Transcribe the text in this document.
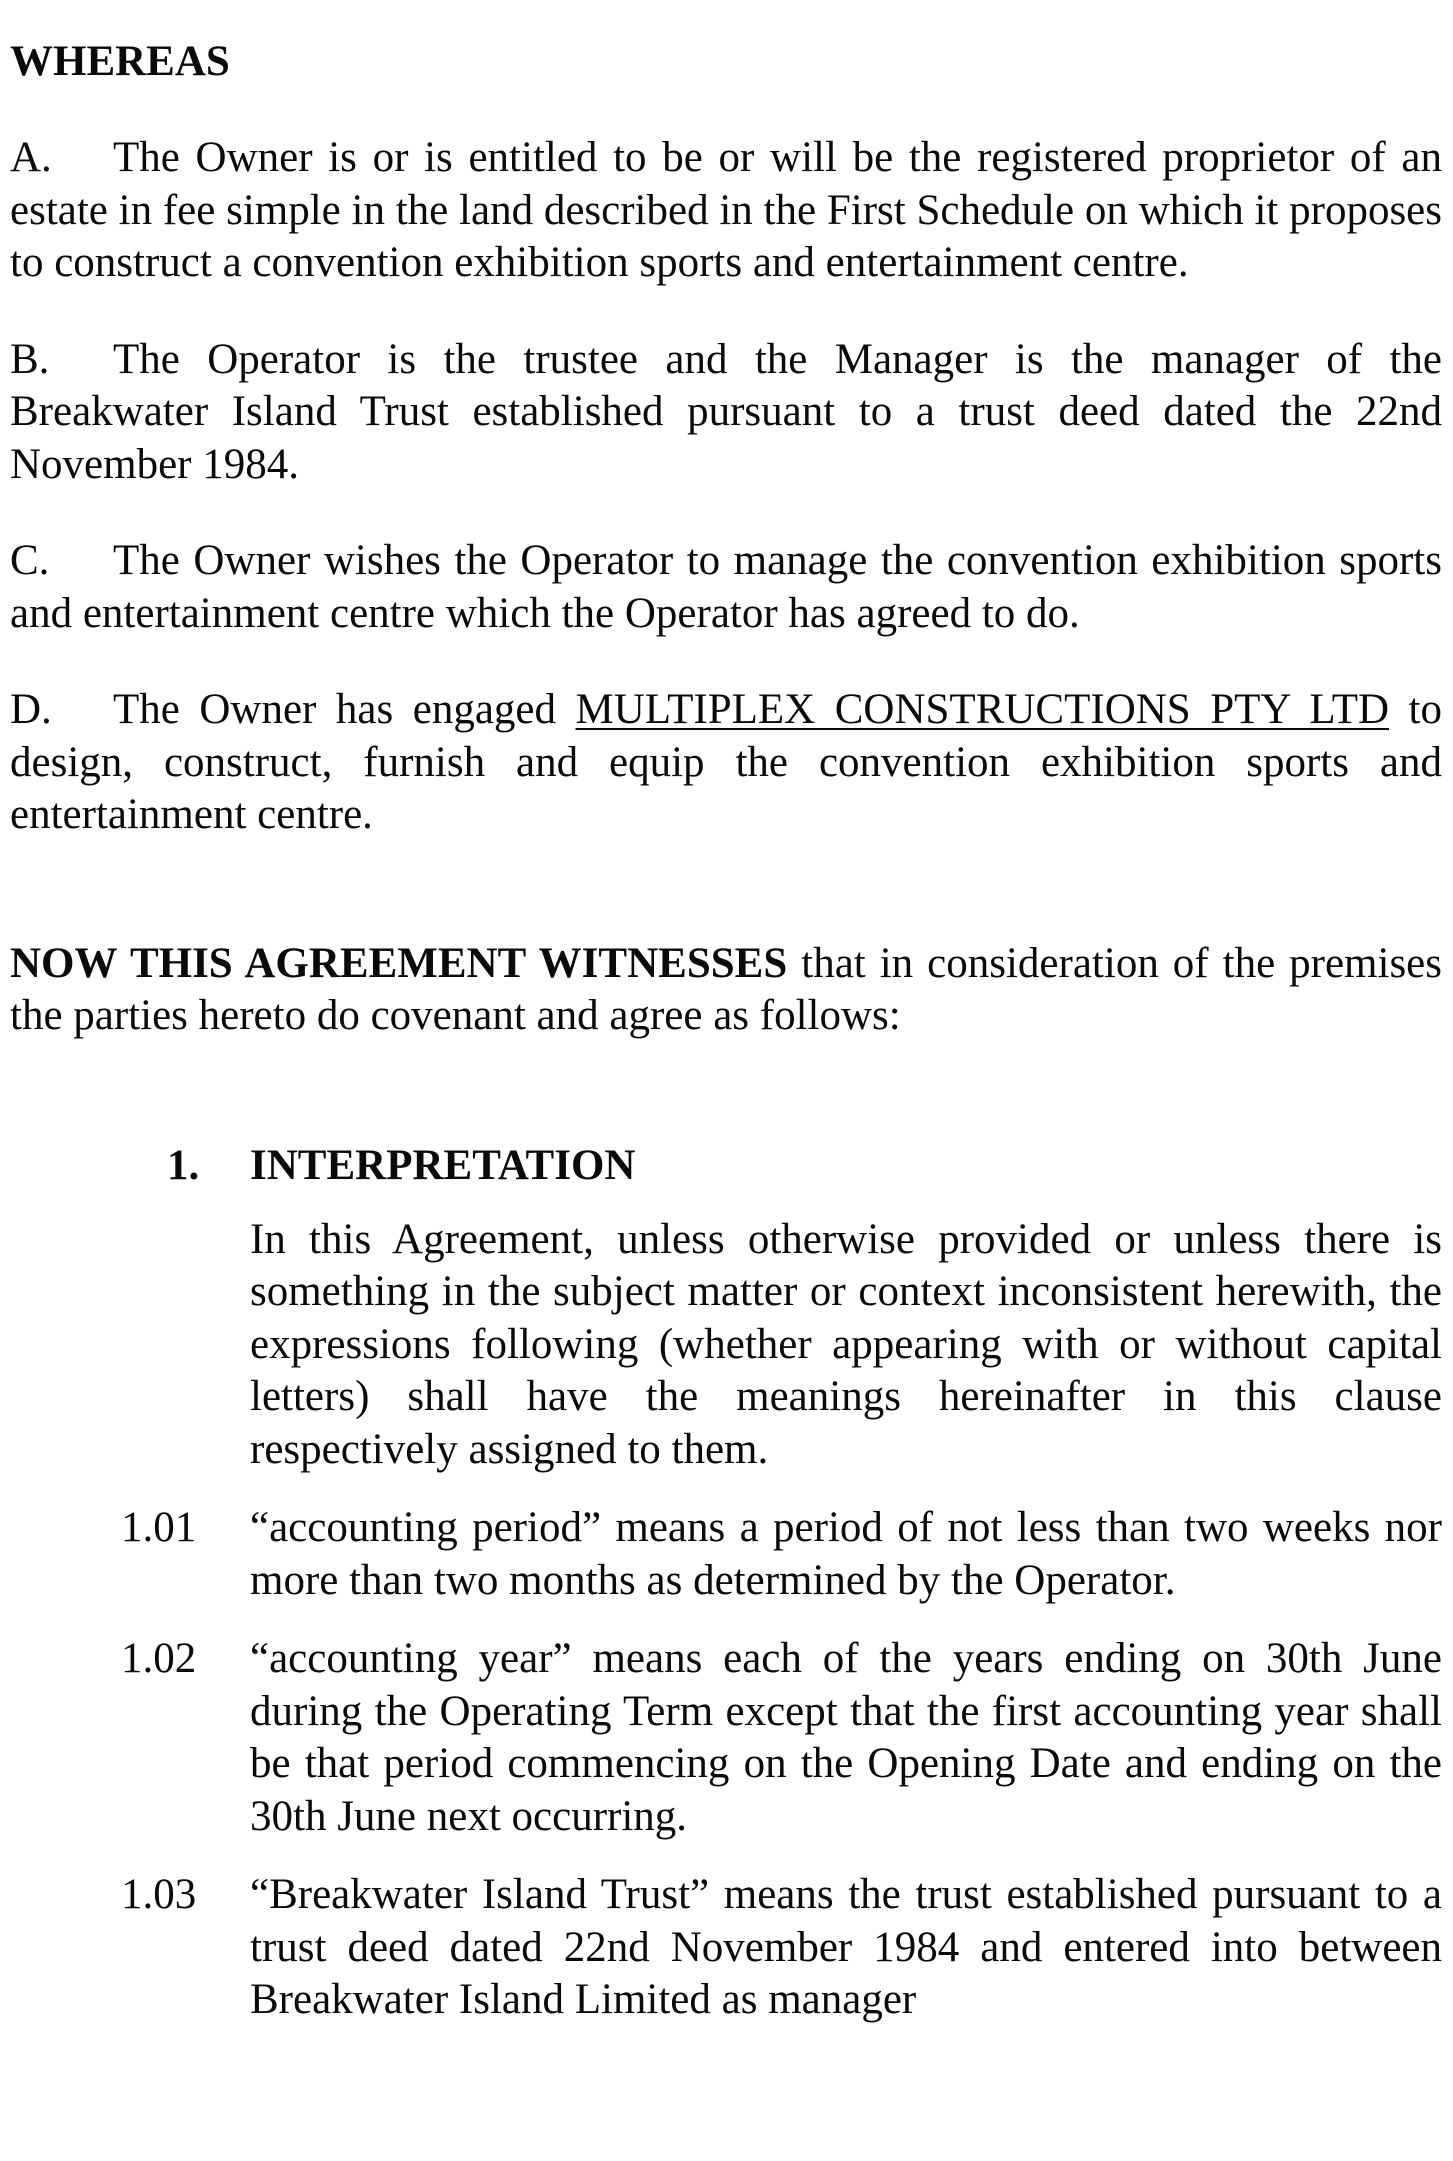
WHEREAS

A. The Owner is or is entitled to be or will be the registered proprietor of an estate in fee simple in the land described in the First Schedule on which it proposes to construct a convention exhibition sports and entertainment centre.

B. The Operator is the trustee and the Manager is the manager of the Breakwater Island Trust established pursuant to a trust deed dated the 22nd November 1984.

C. The Owner wishes the Operator to manage the convention exhibition sports and entertainment centre which the Operator has agreed to do.

D. The Owner has engaged MULTIPLEX CONSTRUCTIONS PTY LTD to design, construct, furnish and equip the convention exhibition sports and entertainment centre.

NOW THIS AGREEMENT WITNESSES that in consideration of the premises the parties hereto do covenant and agree as follows:

1. INTERPRETATION

In this Agreement, unless otherwise provided or unless there is something in the subject matter or context inconsistent herewith, the expressions following (whether appearing with or without capital letters) shall have the meanings hereinafter in this clause respectively assigned to them.

1.01 “accounting period” means a period of not less than two weeks nor more than two months as determined by the Operator.

1.02 “accounting year” means each of the years ending on 30th June during the Operating Term except that the first accounting year shall be that period commencing on the Opening Date and ending on the 30th June next occurring.

1.03 “Breakwater Island Trust” means the trust established pursuant to a trust deed dated 22nd November 1984 and entered into between Breakwater Island Limited as manager
